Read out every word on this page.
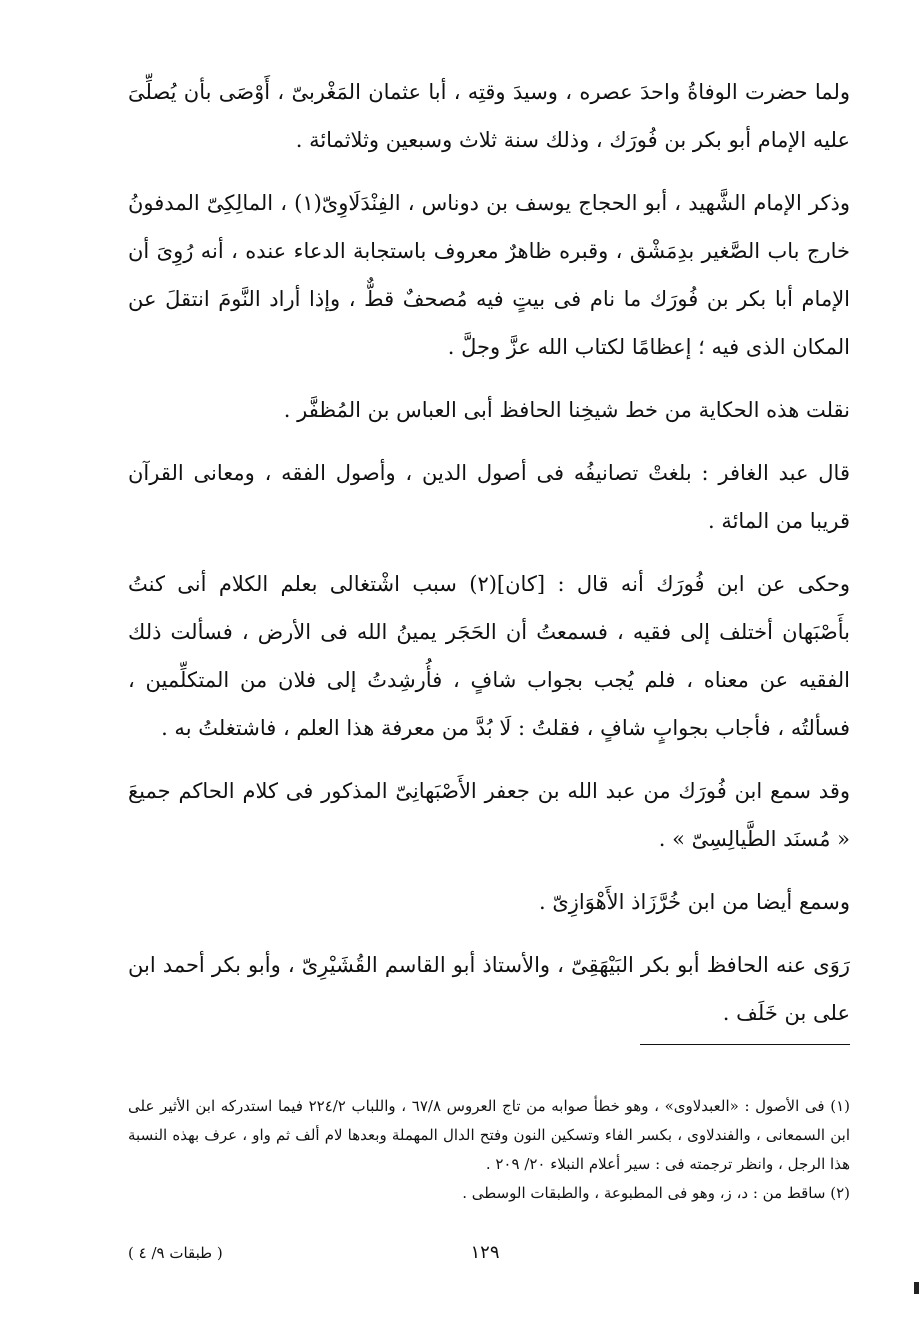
ولما حضرت الوفاةُ واحدَ عصره ، وسيدَ وقتِه ، أبا عثمان المَغْربىّ ، أَوْصَى بأن يُصلِّىَ عليه الإمام أبو بكر بن فُورَك ، وذلك سنة ثلاث وسبعين وثلاثمائة .

وذكر الإمام الشَّهيد ، أبو الحجاج يوسف بن دوناس ، الفِنْدَلَاوِىّ(١) ، المالِكِىّ المدفونُ خارج باب الصَّغير بدِمَشْق ، وقبره ظاهرٌ معروف باستجابة الدعاء عنده ، أنه رُوِىَ أن الإمام أبا بكر بن فُورَك ما نام فى بيتٍ فيه مُصحفٌ قطٌّ ، وإذا أراد النَّومَ انتقلَ عن المكان الذى فيه ؛ إعظامًا لكتاب الله عزَّ وجلَّ .

نقلت هذه الحكاية من خط شيخِنا الحافظ أبى العباس بن المُظفَّر .

قال عبد الغافر : بلغتْ تصانيفُه فى أصول الدين ، وأصول الفقه ، ومعانى القرآن قريبا من المائة .

وحكى عن ابن فُورَك أنه قال : [كان](٢) سبب اشْتغالى بعلم الكلام أنى كنتُ بأَصْبَهان أختلف إلى فقيه ، فسمعتُ أن الحَجَر يمينُ الله فى الأرض ، فسألت ذلك الفقيه عن معناه ، فلم يُجب بجواب شافٍ ، فأُرشِدتُ إلى فلان من المتكلِّمين ، فسألتُه ، فأجاب بجوابٍ شافٍ ، فقلتُ : لَا بُدَّ من معرفة هذا العلم ، فاشتغلتُ به .

وقد سمع ابن فُورَك من عبد الله بن جعفر الأَصْبَهانِىّ المذكور فى كلام الحاكم جميعَ « مُسنَد الطَّيالِسِىّ » .

وسمع أيضا من ابن خُرَّزَاذ الأَهْوَازِىّ .

رَوَى عنه الحافظ أبو بكر البَيْهَقِىّ ، والأستاذ أبو القاسم القُشَيْرِىّ ، وأبو بكر أحمد ابن على بن خَلَف .

(١) فى الأصول : «العبدلاوى» ، وهو خطأ صوابه من تاج العروس ٦٧/٨ ، واللباب ٢٢٤/٢ فيما استدركه ابن الأثير على ابن السمعانى ، والفندلاوى ، بكسر الفاء وتسكين النون وفتح الدال المهملة وبعدها لام ألف ثم واو ، عرف بهذه النسبة هذا الرجل ، وانظر ترجمته فى : سير أعلام النبلاء ٢٠/ ٢٠٩ .

(٢) ساقط من : د، ز، وهو فى المطبوعة ، والطبقات الوسطى .

١٢٩
( طبقات ٩/ ٤ )
